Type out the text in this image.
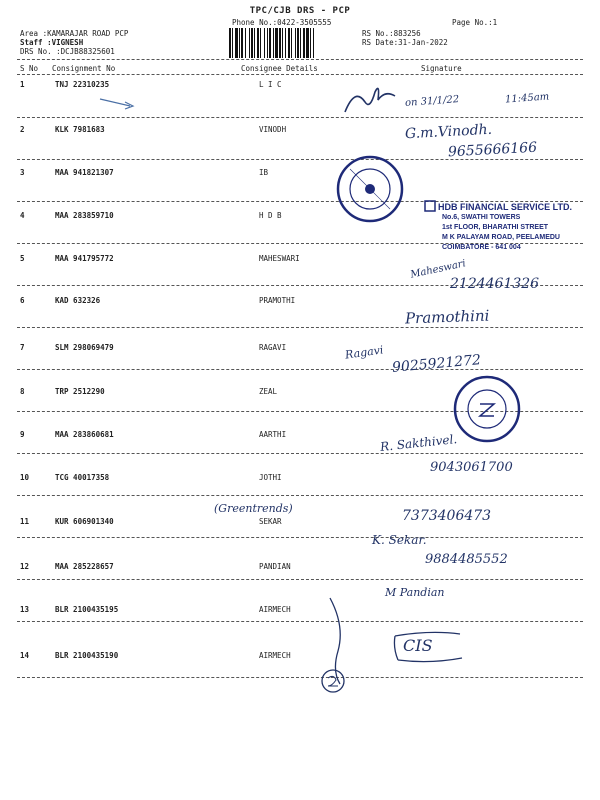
TPC/CJB DRS - PCP
Phone No.:0422-3505555	Page No.:1
Area :KAMARAJAR ROAD PCP
Staff :VIGNESH
DRS No. :DCJB88325601
RS No.:883256
RS Date:31-Jan-2022
S No Consignment No	Consignee Details	Signature
1	TNJ 22310235	L I C
2	KLK 7981683	VINODH
3	MAA 941821307	IB
4	MAA 283859710	H D B
5	MAA 941795772	MAHESWARI
6	KAD 632326	PRAMOTHI
7	SLM 298069479	RAGAVI
8	TRP 2512290	ZEAL
9	MAA 283860681	AARTHI
10	TCG 40017358	JOTHI
11	KUR 606901340	SEKAR
12	MAA 285228657	PANDIAN
13	BLR 2100435195	AIRMECH
14	BLR 2100435190	AIRMECH
on 31/1/22	11:45am
G.m.Vinodh.
9655666166
Maheswari
2124461326
Pramothini
Ragavi 9025921272
R. Sakthivel.
9043061700
(Greentrends)	7373406473
K. Sekar.
9884485552
M Pandian
CIS
HDB FINANCIAL SERVICE LTD.
No.6, SWATHI TOWERS
1st FLOOR, BHARATHI STREET
M K PALAYAM ROAD, PEELAMEDU
COIMBATORE - 641 004
